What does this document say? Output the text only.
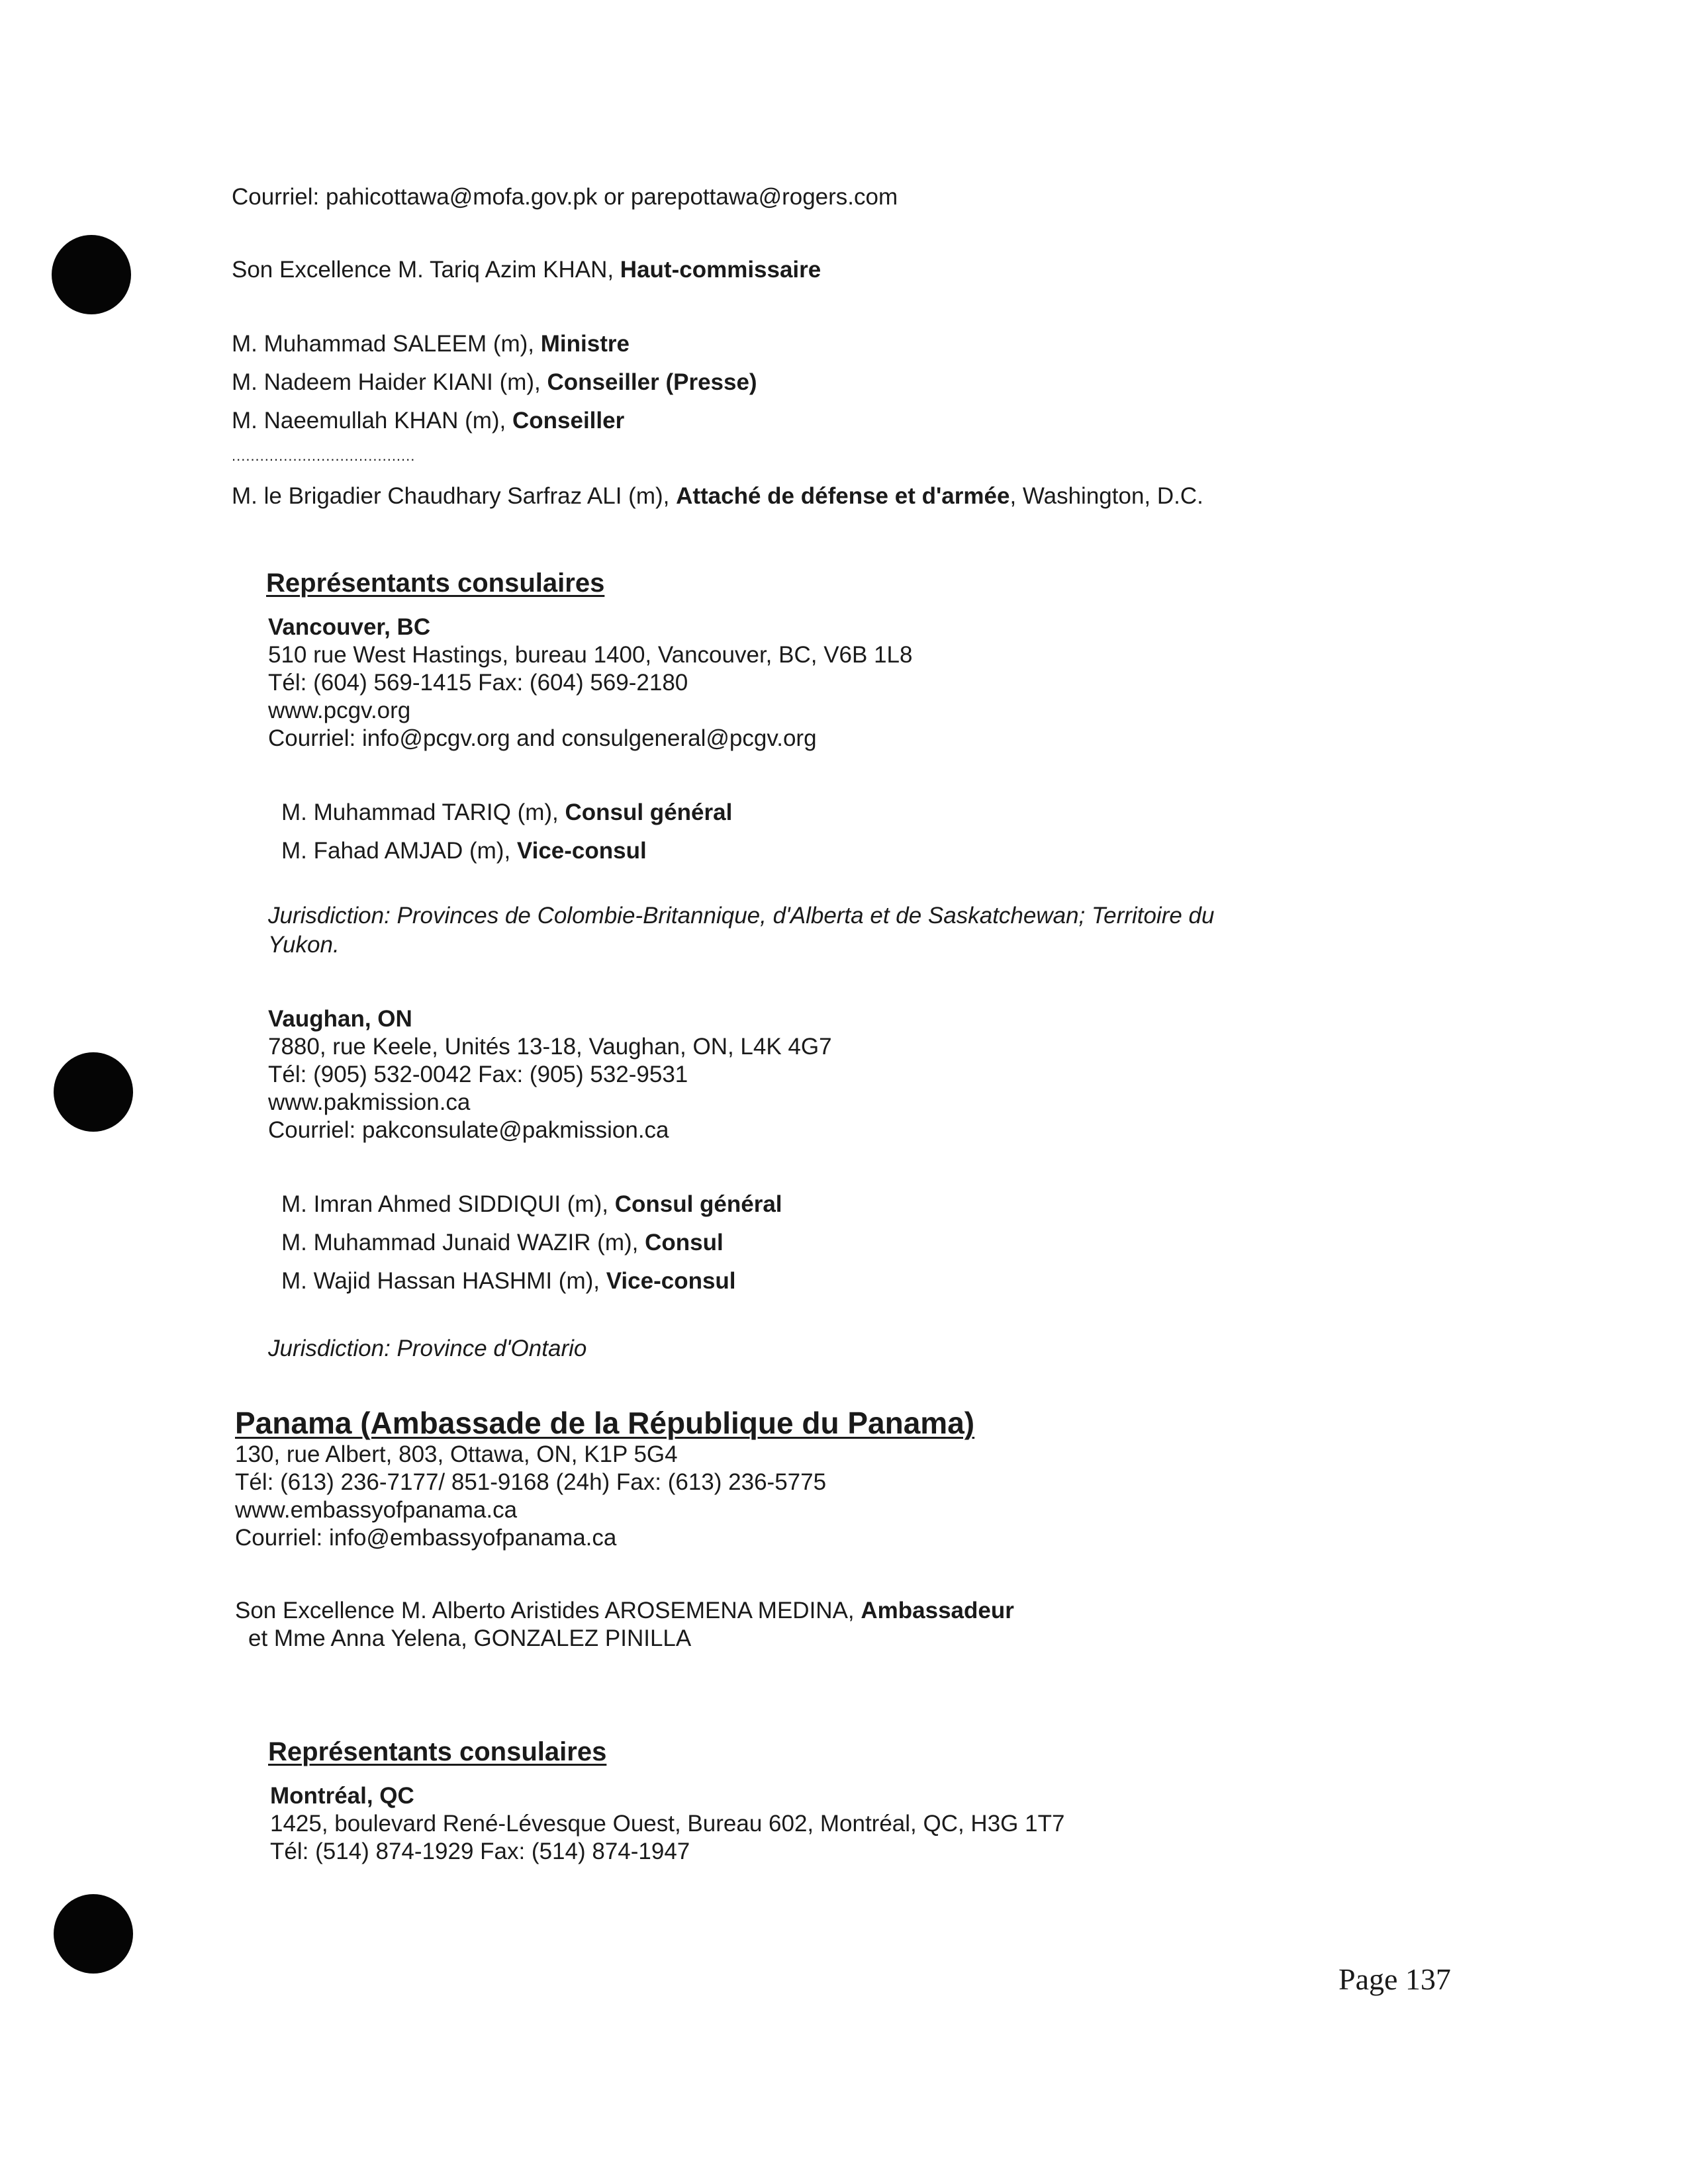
Courriel: pahicottawa@mofa.gov.pk or parepottawa@rogers.com
Son Excellence M. Tariq Azim KHAN, Haut-commissaire
M. Muhammad SALEEM (m), Ministre
M. Nadeem Haider KIANI (m), Conseiller (Presse)
M. Naeemullah KHAN (m), Conseiller
.......................................
M. le Brigadier Chaudhary Sarfraz ALI (m), Attaché de défense et d'armée, Washington, D.C.
Représentants consulaires
Vancouver, BC
510 rue West Hastings, bureau 1400, Vancouver, BC, V6B 1L8
Tél: (604) 569-1415 Fax: (604) 569-2180
www.pcgv.org
Courriel: info@pcgv.org and consulgeneral@pcgv.org
M. Muhammad TARIQ (m), Consul général
M. Fahad AMJAD (m), Vice-consul
Jurisdiction: Provinces de Colombie-Britannique, d'Alberta et de Saskatchewan; Territoire du
Yukon.
Vaughan, ON
7880, rue Keele, Unités 13-18, Vaughan, ON, L4K 4G7
Tél: (905) 532-0042 Fax: (905) 532-9531
www.pakmission.ca
Courriel: pakconsulate@pakmission.ca
M. Imran Ahmed SIDDIQUI (m), Consul général
M. Muhammad Junaid WAZIR (m), Consul
M. Wajid Hassan HASHMI (m), Vice-consul
Jurisdiction: Province d'Ontario
Panama (Ambassade de la République du Panama)
130, rue Albert, 803, Ottawa, ON, K1P 5G4
Tél: (613) 236-7177/ 851-9168 (24h) Fax: (613) 236-5775
www.embassyofpanama.ca
Courriel: info@embassyofpanama.ca
Son Excellence M. Alberto Aristides AROSEMENA MEDINA, Ambassadeur
et Mme Anna Yelena, GONZALEZ PINILLA
Représentants consulaires
Montréal, QC
1425, boulevard René-Lévesque Ouest, Bureau 602, Montréal, QC, H3G 1T7
Tél: (514) 874-1929 Fax: (514) 874-1947
Page 137
